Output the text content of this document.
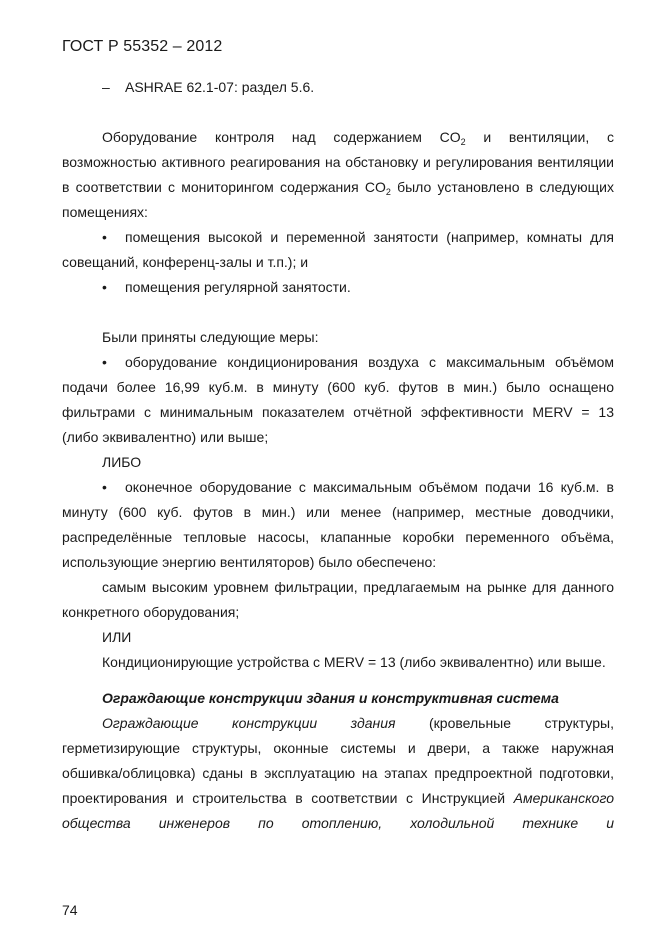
ГОСТ Р 55352 – 2012
– ASHRAE 62.1-07: раздел 5.6.

Оборудование контроля над содержанием $CO_2$ и вентиляции, с возможностью активного реагирования на обстановку и регулирования вентиляции в соответствии с мониторингом содержания $CO_2$ было установлено в следующих помещениях:

• помещения высокой и переменной занятости (например, комнаты для совещаний, конференц-залы и т.п.); и

• помещения регулярной занятости.

Были приняты следующие меры:

• оборудование кондиционирования воздуха с максимальным объёмом подачи более 16,99 куб.м. в минуту (600 куб. футов в мин.) было оснащено фильтрами с минимальным показателем отчётной эффективности MERV = 13 (либо эквивалентно) или выше;

ЛИБО

• оконечное оборудование с максимальным объёмом подачи 16 куб.м. в минуту (600 куб. футов в мин.) или менее (например, местные доводчики, распределённые тепловые насосы, клапанные коробки переменного объёма, использующие энергию вентиляторов) было обеспечено:

самым высоким уровнем фильтрации, предлагаемым на рынке для данного конкретного оборудования;

ИЛИ

Кондиционирующие устройства с MERV = 13 (либо эквивалентно) или выше.

Ограждающие конструкции здания и конструктивная система

Ограждающие конструкции здания (кровельные структуры, герметизирующие структуры, оконные системы и двери, а также наружная обшивка/облицовка) сданы в эксплуатацию на этапах предпроектной подготовки, проектирования и строительства в соответствии с Инструкцией Американского общества инженеров по отоплению, холодильной технике и

74
